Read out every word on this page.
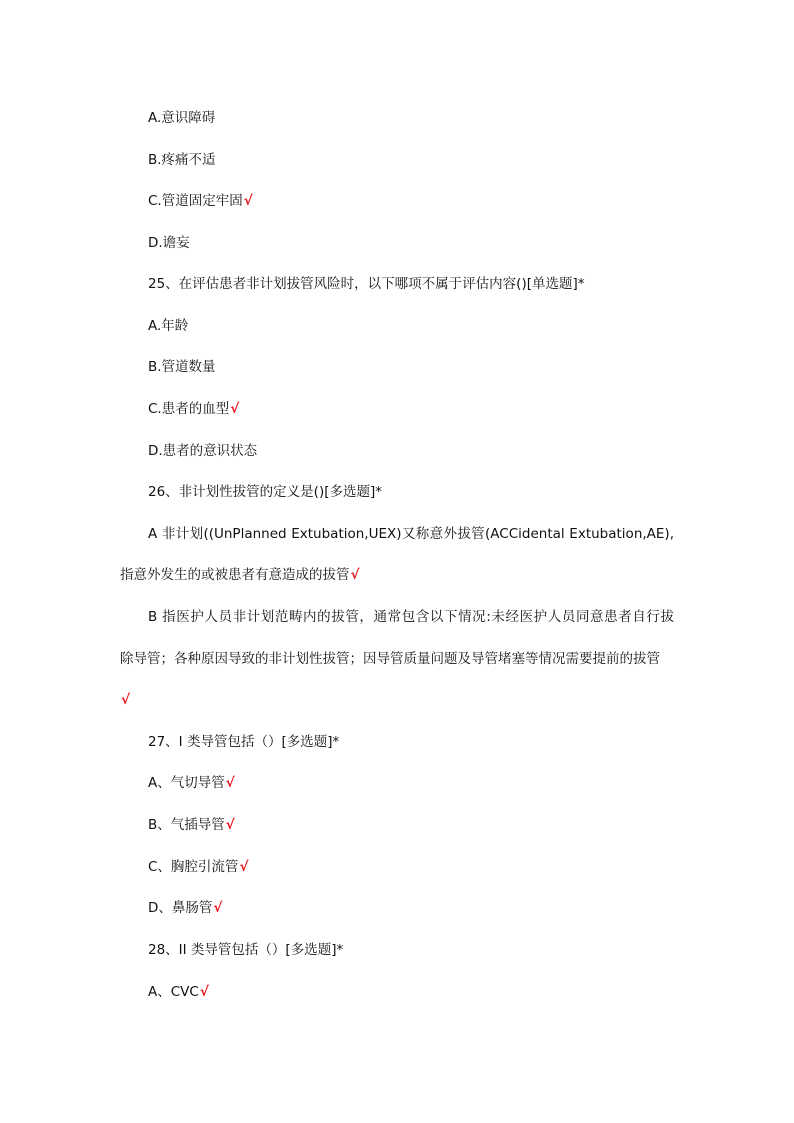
A.意识障碍
B.疼痛不适
C.管道固定牢固√
D.谵妄
25、在评估患者非计划拔管风险时，以下哪项不属于评估内容()[单选题]*
A.年龄
B.管道数量
C.患者的血型√
D.患者的意识状态
26、非计划性拔管的定义是()[多选题]*
A 非计划((UnPlanned Extubation,UEX)又称意外拔管(ACCidental Extubation,AE),
指意外发生的或被患者有意造成的拔管√
B 指医护人员非计划范畴内的拔管，通常包含以下情况:未经医护人员同意患者自行拔
除导管；各种原因导致的非计划性拔管；因导管质量问题及导管堵塞等情况需要提前的拔管
√
27、I 类导管包括（）[多选题]*
A、气切导管√
B、气插导管√
C、胸腔引流管√
D、鼻肠管√
28、II 类导管包括（）[多选题]*
A、CVC√
